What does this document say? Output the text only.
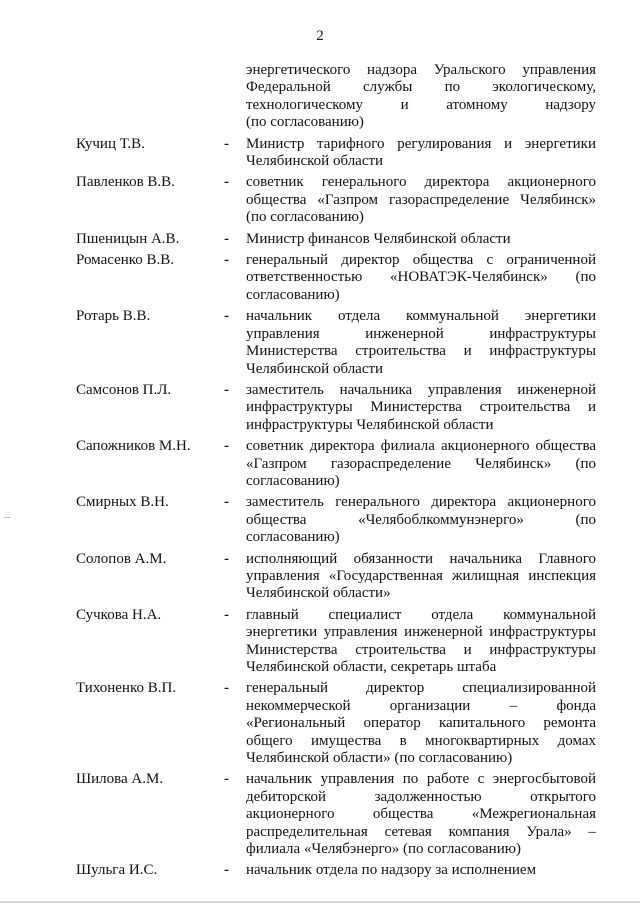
2
энергетического надзора Уральского управления
Федеральной службы по экологическому,
технологическому и атомному надзору
(по согласованию)
Кучиц Т.В.	-	Министр тарифного регулирования и энергетики
Челябинской области
Павленков В.В.	-	советник генерального директора акционерного
общества «Газпром газораспределение Челябинск»
(по согласованию)
Пшеницын А.В.	-	Министр финансов Челябинской области
Ромасенко В.В.	-	генеральный директор общества с ограниченной
ответственностью «НОВАТЭК-Челябинск» (по
согласованию)
Ротарь В.В.	-	начальник отдела коммунальной энергетики
управления инженерной инфраструктуры
Министерства строительства и инфраструктуры
Челябинской области
Самсонов П.Л.	-	заместитель начальника управления инженерной
инфраструктуры Министерства строительства и
инфраструктуры Челябинской области
Сапожников М.Н.	-	советник директора филиала акционерного общества
«Газпром газораспределение Челябинск» (по
согласованию)
Смирных В.Н.	-	заместитель генерального директора акционерного
общества «Челябоблкоммунэнерго» (по
согласованию)
Солопов А.М.	-	исполняющий обязанности начальника Главного
управления «Государственная жилищная инспекция
Челябинской области»
Сучкова Н.А.	-	главный специалист отдела коммунальной
энергетики управления инженерной инфраструктуры
Министерства строительства и инфраструктуры
Челябинской области, секретарь штаба
Тихоненко В.П.	-	генеральный директор специализированной
некоммерческой организации – фонда
«Региональный оператор капитального ремонта
общего имущества в многоквартирных домах
Челябинской области» (по согласованию)
Шилова А.М.	-	начальник управления по работе с энергосбытовой
дебиторской задолженностью открытого
акционерного общества «Межрегиональная
распределительная сетевая компания Урала» –
филиала «Челябэнерго» (по согласованию)
Шульга И.С.	-	начальник отдела по надзору за исполнением
